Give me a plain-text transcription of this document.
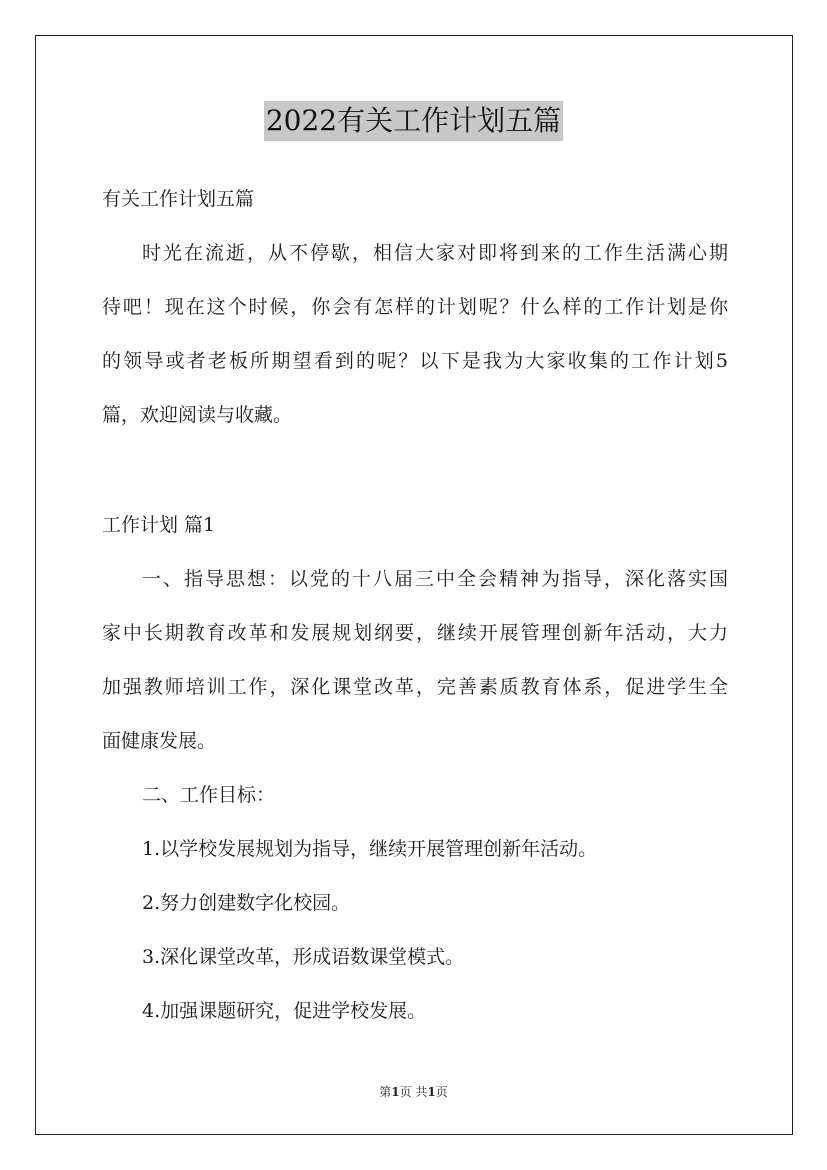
2022有关工作计划五篇
有关工作计划五篇
时光在流逝，从不停歇，相信大家对即将到来的工作生活满心期
待吧！现在这个时候，你会有怎样的计划呢？什么样的工作计划是你
的领导或者老板所期望看到的呢？以下是我为大家收集的工作计划5
篇，欢迎阅读与收藏。
工作计划 篇1
一、指导思想：以党的十八届三中全会精神为指导，深化落实国
家中长期教育改革和发展规划纲要，继续开展管理创新年活动，大力
加强教师培训工作，深化课堂改革，完善素质教育体系，促进学生全
面健康发展。
二、工作目标：
1.以学校发展规划为指导，继续开展管理创新年活动。
2.努力创建数字化校园。
3.深化课堂改革，形成语数课堂模式。
4.加强课题研究，促进学校发展。
第1页 共1页
